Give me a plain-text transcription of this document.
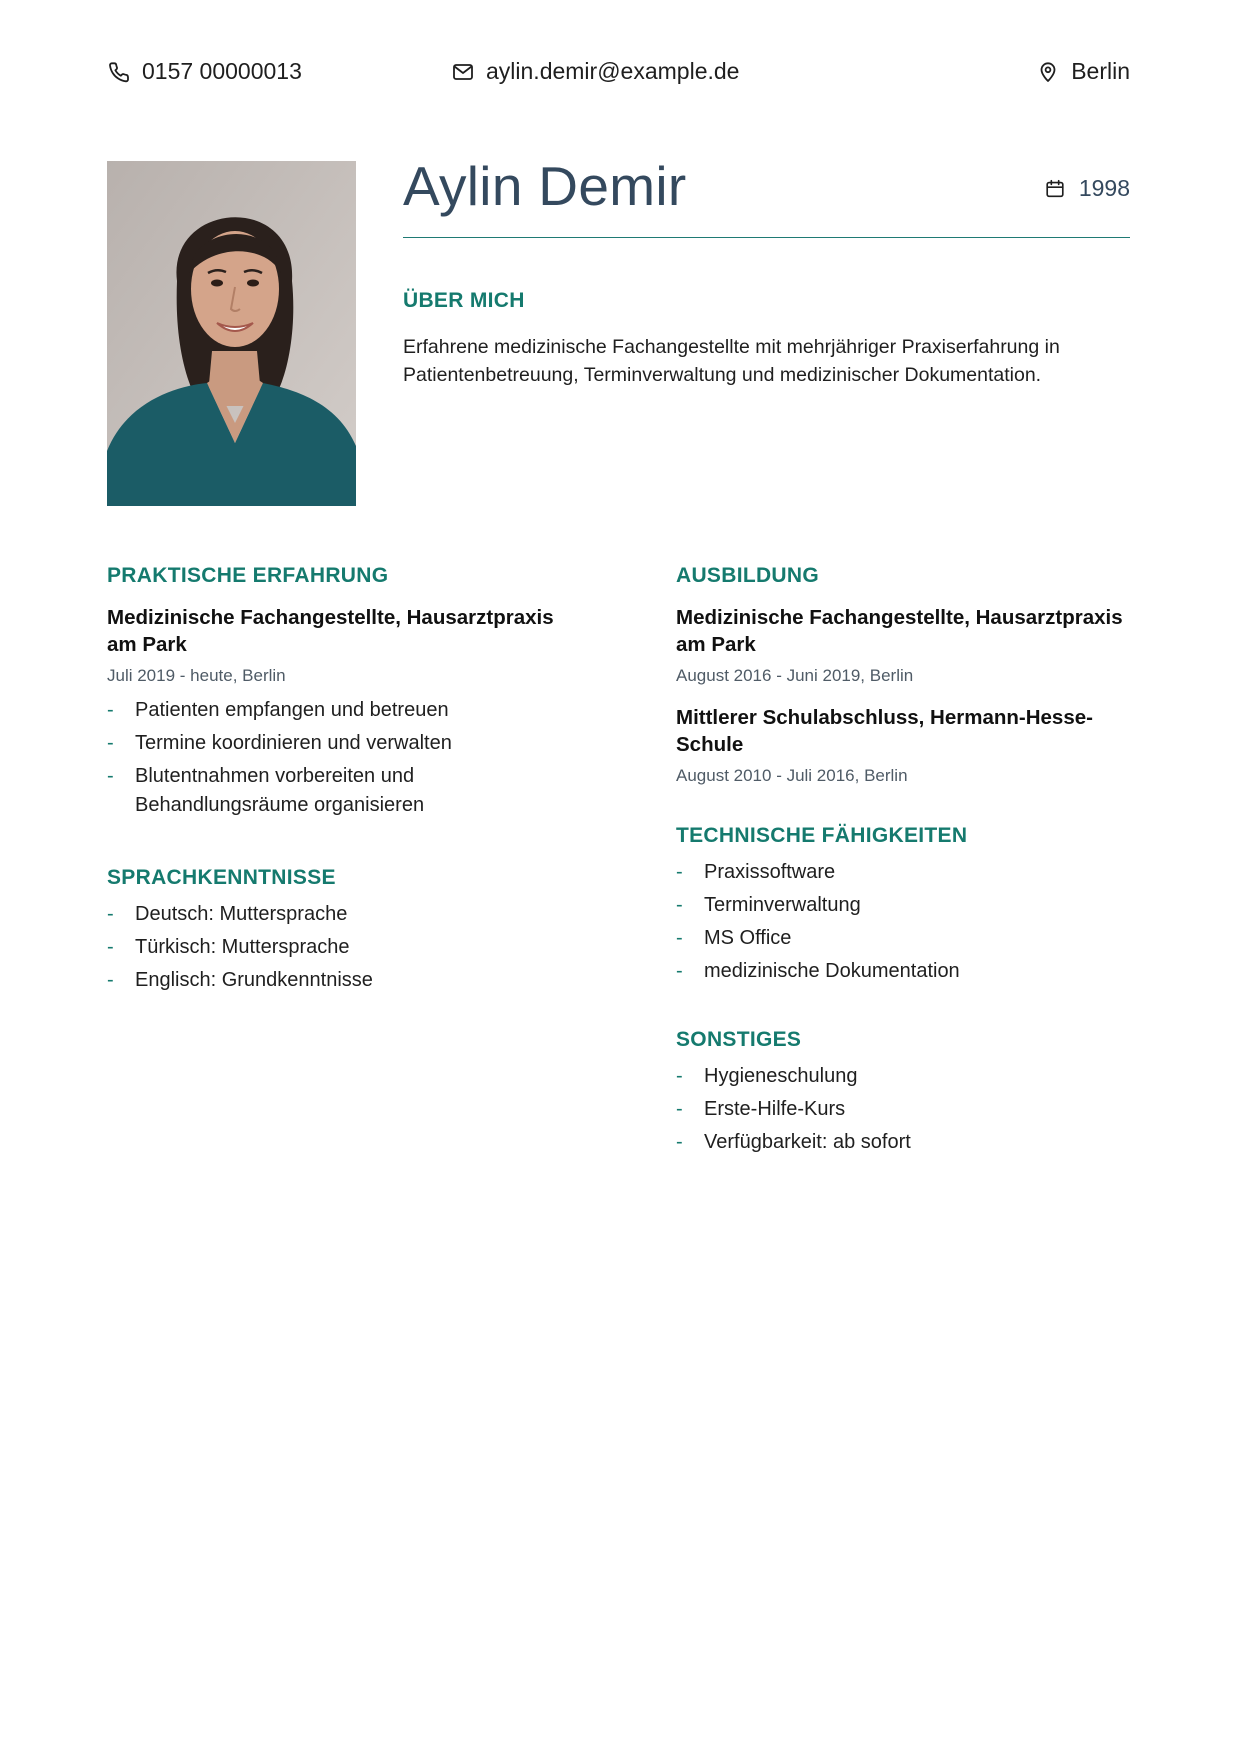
0157 00000013	aylin.demir@example.de	Berlin
Aylin Demir	1998
ÜBER MICH

Erfahrene medizinische Fachangestellte mit mehrjähriger Praxiserfahrung in Patientenbetreuung, Terminverwaltung und medizinischer Dokumentation.

PRAKTISCHE ERFAHRUNG
Medizinische Fachangestellte, Hausarztpraxis am Park
Juli 2019 - heute, Berlin
- Patienten empfangen und betreuen
- Termine koordinieren und verwalten
- Blutentnahmen vorbereiten und Behandlungsräume organisieren
SPRACHKENNTNISSE
- Deutsch: Muttersprache
- Türkisch: Muttersprache
- Englisch: Grundkenntnisse
AUSBILDUNG
Medizinische Fachangestellte, Hausarztpraxis am Park
August 2016 - Juni 2019, Berlin
Mittlerer Schulabschluss, Hermann-Hesse-Schule
August 2010 - Juli 2016, Berlin
TECHNISCHE FÄHIGKEITEN
- Praxissoftware
- Terminverwaltung
- MS Office
- medizinische Dokumentation
SONSTIGES
- Hygieneschulung
- Erste-Hilfe-Kurs
- Verfügbarkeit: ab sofort
